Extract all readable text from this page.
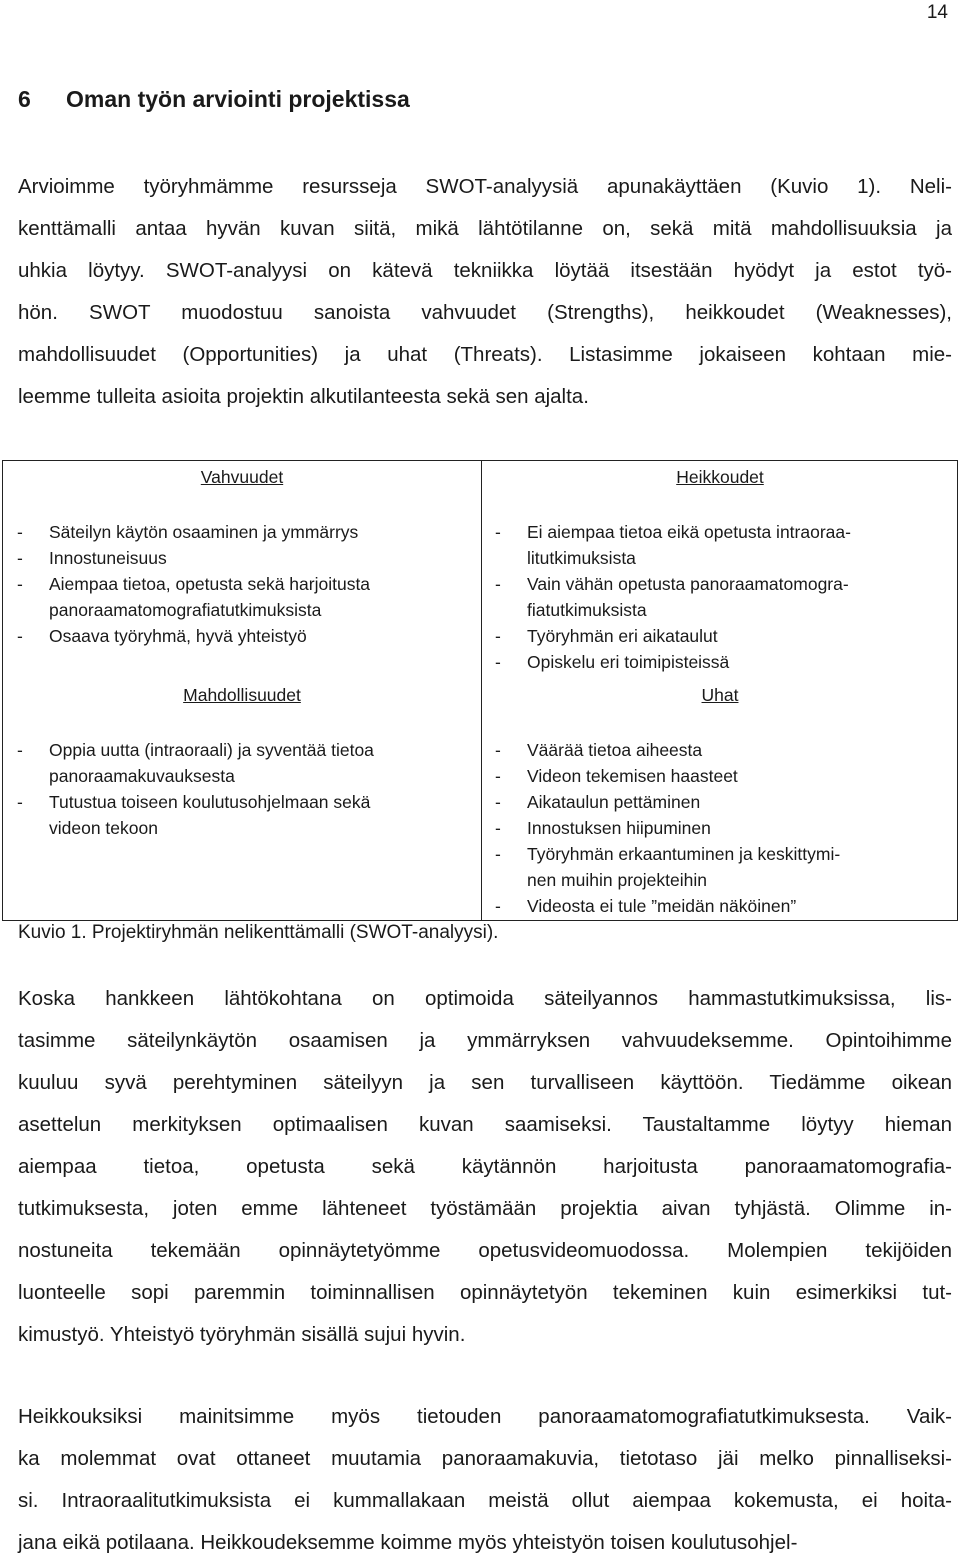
14
6 Oman työn arviointi projektissa

Arvioimme työryhmämme resursseja SWOT-analyysiä apunakäyttäen (Kuvio 1). Neli-
kenttämalli antaa hyvän kuvan siitä, mikä lähtötilanne on, sekä mitä mahdollisuuksia ja
uhkia löytyy. SWOT-analyysi on kätevä tekniikka löytää itsestään hyödyt ja estot työ-
hön. SWOT muodostuu sanoista vahvuudet (Strengths), heikkoudet (Weaknesses),
mahdollisuudet (Opportunities) ja uhat (Threats). Listasimme jokaiseen kohtaan mie-
leemme tulleita asioita projektin alkutilanteesta sekä sen ajalta.

Vahvuudet
- Säteilyn käytön osaaminen ja ymmärrys
- Innostuneisuus
- Aiempaa tietoa, opetusta sekä harjoitusta
panoraamatomografiatutkimuksista
- Osaava työryhmä, hyvä yhteistyö
Heikkoudet
- Ei aiempaa tietoa eikä opetusta intraoraa-
litutkimuksista
- Vain vähän opetusta panoraamatomogra-
fiatutkimuksista
- Työryhmän eri aikataulut
- Opiskelu eri toimipisteissä
Mahdollisuudet
- Oppia uutta (intraoraali) ja syventää tietoa
panoraamakuvauksesta
- Tutustua toiseen koulutusohjelmaan sekä
videon tekoon
Uhat
- Väärää tietoa aiheesta
- Videon tekemisen haasteet
- Aikataulun pettäminen
- Innostuksen hiipuminen
- Työryhmän erkaantuminen ja keskittymi-
nen muihin projekteihin
- Videosta ei tule ”meidän näköinen”

Kuvio 1. Projektiryhmän nelikenttämalli (SWOT-analyysi).

Koska hankkeen lähtökohtana on optimoida säteilyannos hammastutkimuksissa, lis-
tasimme säteilynkäytön osaamisen ja ymmärryksen vahvuudeksemme. Opintoihimme
kuuluu syvä perehtyminen säteilyyn ja sen turvalliseen käyttöön. Tiedämme oikean
asettelun merkityksen optimaalisen kuvan saamiseksi. Taustaltamme löytyy hieman
aiempaa tietoa, opetusta sekä käytännön harjoitusta panoraamatomografia-
tutkimuksesta, joten emme lähteneet työstämään projektia aivan tyhjästä. Olimme in-
nostuneita tekemään opinnäytetyömme opetusvideomuodossa. Molempien tekijöiden
luonteelle sopi paremmin toiminnallisen opinnäytetyön tekeminen kuin esimerkiksi tut-
kimustyö. Yhteistyö työryhmän sisällä sujui hyvin.

Heikkouksiksi mainitsimme myös tietouden panoraamatomografiatutkimuksesta. Vaik-
ka molemmat ovat ottaneet muutamia panoraamakuvia, tietotaso jäi melko pinnalliseksi-
si. Intraoraalitutkimuksista ei kummallakaan meistä ollut aiempaa kokemusta, ei hoita-
jana eikä potilaana. Heikkoudeksemme koimme myös yhteistyön toisen koulutusohjel-
